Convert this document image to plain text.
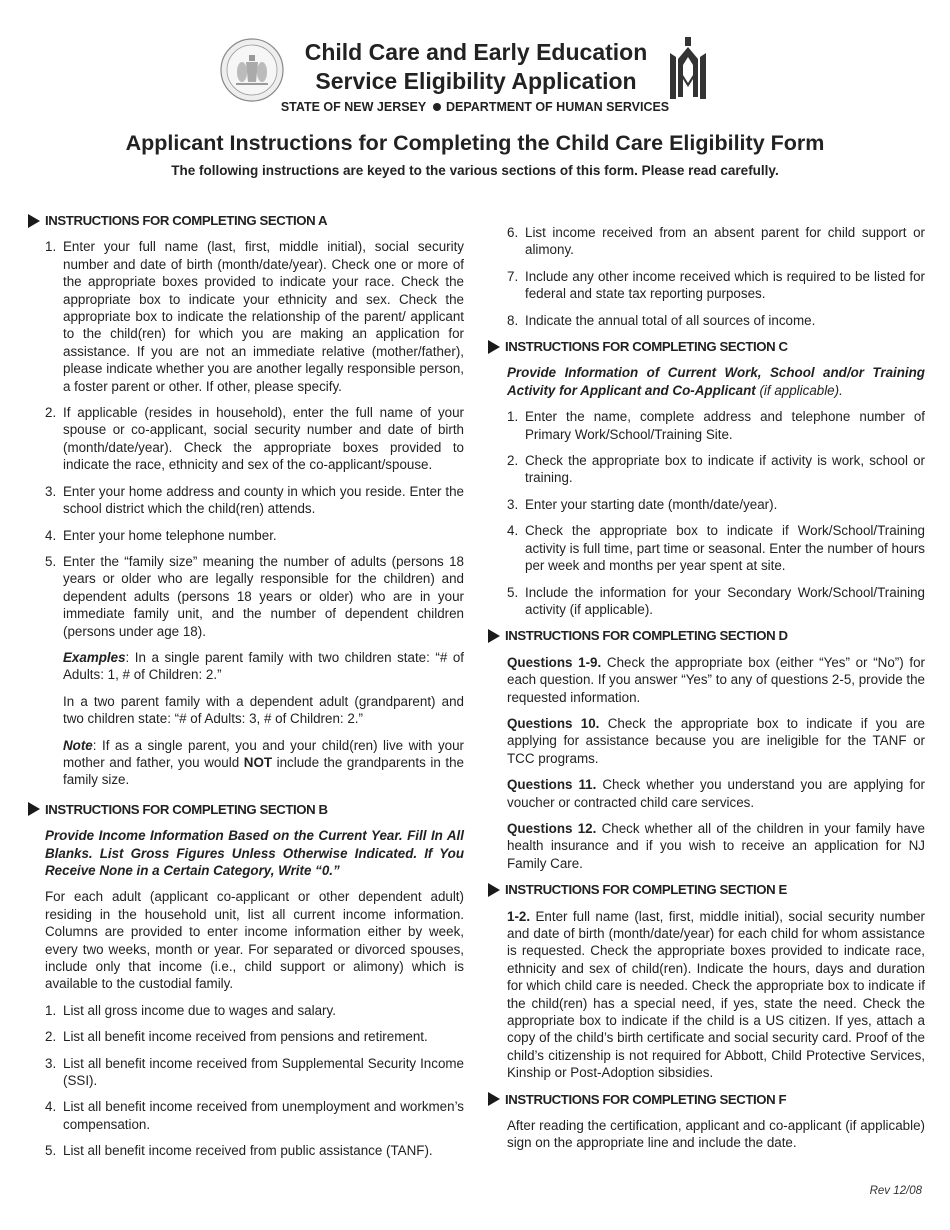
Child Care and Early Education
Service Eligibility Application
STATE OF NEW JERSEY DEPARTMENT OF HUMAN SERVICES
Applicant Instructions for Completing the Child Care Eligibility Form
The following instructions are keyed to the various sections of this form. Please read carefully.
INSTRUCTIONS FOR COMPLETING SECTION A
1. Enter your full name (last, first, middle initial), social security number and date of birth (month/date/year). Check one or more of the appropriate boxes provided to indicate your race. Check the appropriate box to indicate your ethnicity and sex. Check the appropriate box to indicate the relationship of the parent/ applicant to the child(ren) for which you are making an application for assistance. If you are not an immediate relative (mother/father), please indicate whether you are another legally responsible person, a foster parent or other. If other, please specify.
2. If applicable (resides in household), enter the full name of your spouse or co-applicant, social security number and date of birth (month/date/year). Check the appropriate boxes provided to indicate the race, ethnicity and sex of the co-applicant/spouse.
3. Enter your home address and county in which you reside. Enter the school district which the child(ren) attends.
4. Enter your home telephone number.
5. Enter the “family size” meaning the number of adults (persons 18 years or older who are legally responsible for the children) and dependent adults (persons 18 years or older) who are in your immediate family unit, and the number of dependent children (persons under age 18).
Examples: In a single parent family with two children state: “# of Adults: 1, # of Children: 2.”
In a two parent family with a dependent adult (grandparent) and two children state: “# of Adults: 3, # of Children: 2.”
Note: If as a single parent, you and your child(ren) live with your mother and father, you would NOT include the grandparents in the family size.
INSTRUCTIONS FOR COMPLETING SECTION B
Provide Income Information Based on the Current Year. Fill In All Blanks. List Gross Figures Unless Otherwise Indicated. If You Receive None in a Certain Category, Write “0.”
For each adult (applicant co-applicant or other dependent adult) residing in the household unit, list all current income information. Columns are provided to enter income information either by week, every two weeks, month or year. For separated or divorced spouses, include only that income (i.e., child support or alimony) which is available to the custodial family.
1. List all gross income due to wages and salary.
2. List all benefit income received from pensions and retirement.
3. List all benefit income received from Supplemental Security Income (SSI).
4. List all benefit income received from unemployment and workmen’s compensation.
5. List all benefit income received from public assistance (TANF).
6. List income received from an absent parent for child support or alimony.
7. Include any other income received which is required to be listed for federal and state tax reporting purposes.
8. Indicate the annual total of all sources of income.
INSTRUCTIONS FOR COMPLETING SECTION C
Provide Information of Current Work, School and/or Training Activity for Applicant and Co-Applicant (if applicable).
1. Enter the name, complete address and telephone number of Primary Work/School/Training Site.
2. Check the appropriate box to indicate if activity is work, school or training.
3. Enter your starting date (month/date/year).
4. Check the appropriate box to indicate if Work/School/Training activity is full time, part time or seasonal. Enter the number of hours per week and months per year spent at site.
5. Include the information for your Secondary Work/School/Training activity (if applicable).
INSTRUCTIONS FOR COMPLETING SECTION D
Questions 1-9. Check the appropriate box (either “Yes” or “No”) for each question. If you answer “Yes” to any of questions 2-5, provide the requested information.
Questions 10. Check the appropriate box to indicate if you are applying for assistance because you are ineligible for the TANF or TCC programs.
Questions 11. Check whether you understand you are applying for voucher or contracted child care services.
Questions 12. Check whether all of the children in your family have health insurance and if you wish to receive an application for NJ Family Care.
INSTRUCTIONS FOR COMPLETING SECTION E
1-2. Enter full name (last, first, middle initial), social security number and date of birth (month/date/year) for each child for whom assistance is requested. Check the appropriate boxes provided to indicate race, ethnicity and sex of child(ren). Indicate the hours, days and duration for which child care is needed. Check the appropriate box to indicate if the child(ren) has a special need, if yes, state the need. Check the appropriate box to indicate if the child is a US citizen. If yes, attach a copy of the child’s birth certificate and social security card. Proof of the child’s citizenship is not required for Abbott, Child Protective Services, Kinship or Post-Adoption sibsidies.
INSTRUCTIONS FOR COMPLETING SECTION F
After reading the certification, applicant and co-applicant (if applicable) sign on the appropriate line and include the date.
Rev 12/08
